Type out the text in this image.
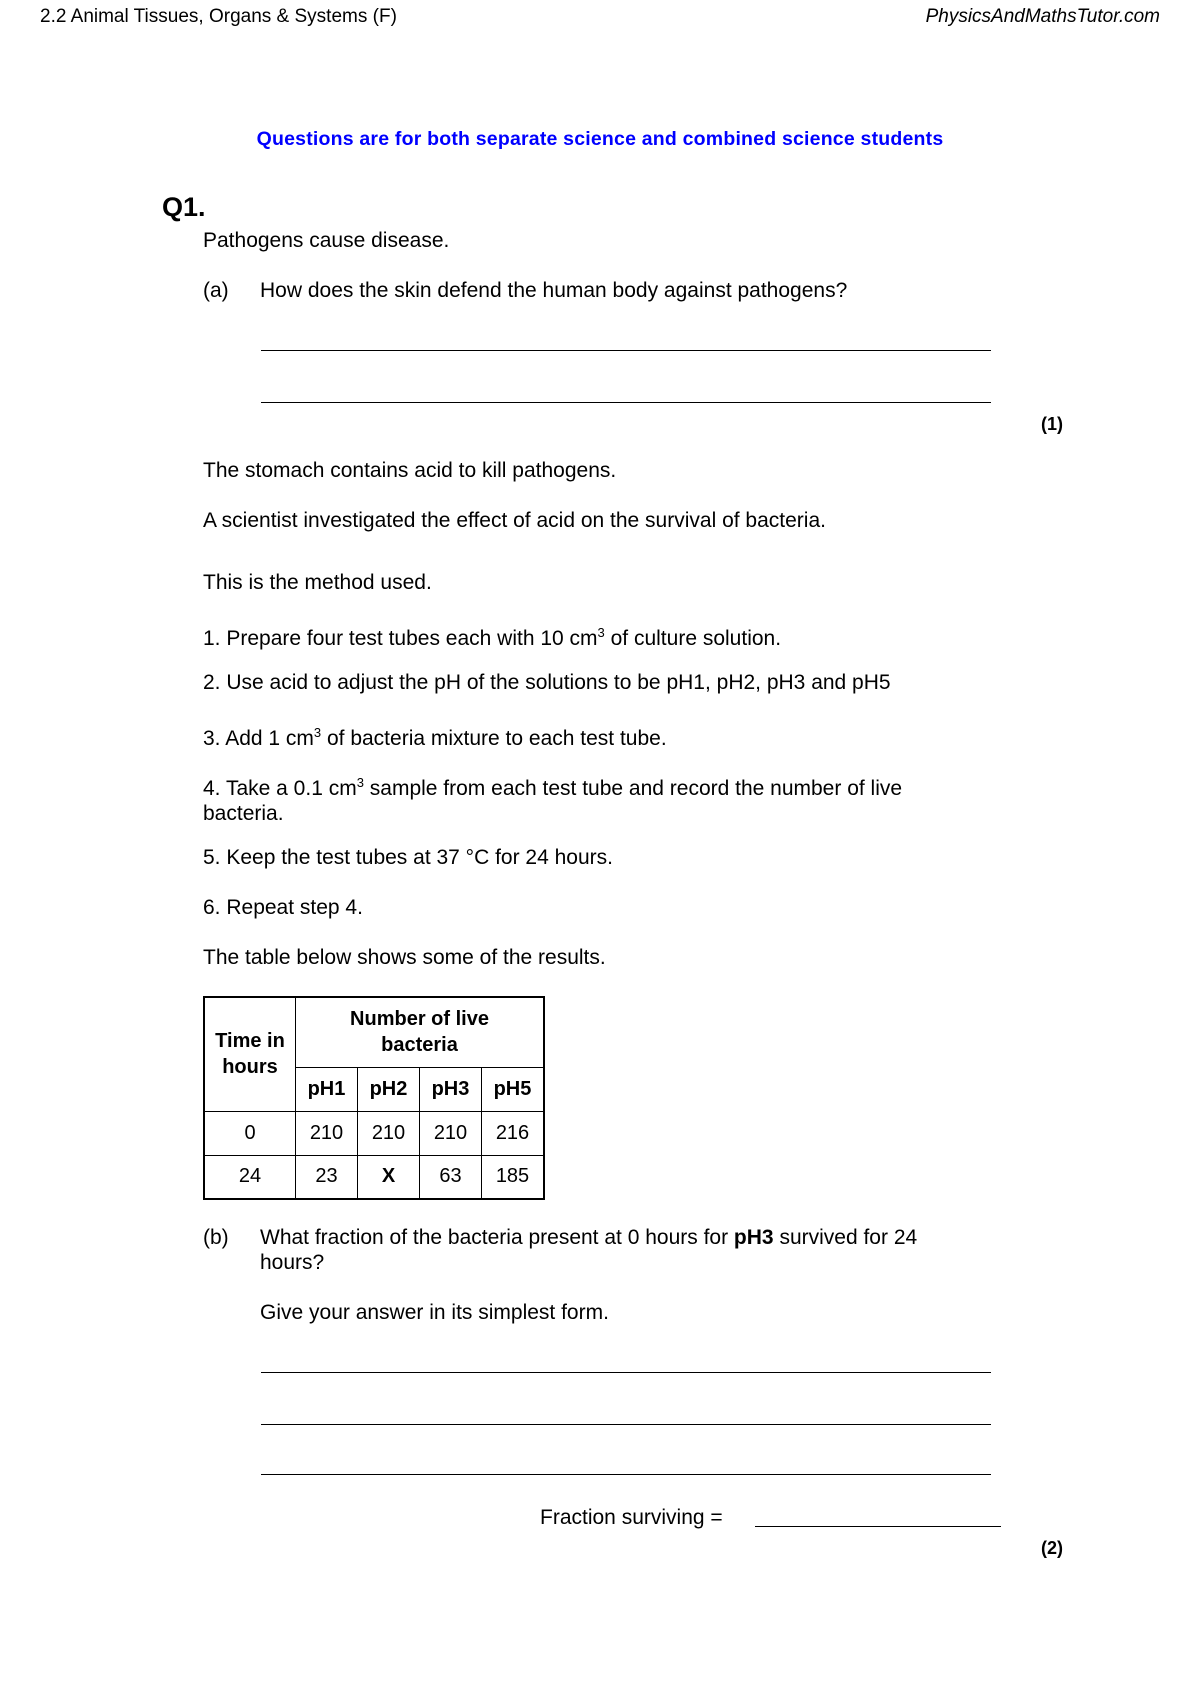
2.2 Animal Tissues, Organs & Systems (F)	PhysicsAndMathsTutor.com
Questions are for both separate science and combined science students
Q1.
Pathogens cause disease.
(a) How does the skin defend the human body against pathogens?
(1)
The stomach contains acid to kill pathogens.
A scientist investigated the effect of acid on the survival of bacteria.
This is the method used.
1. Prepare four test tubes each with 10 $cm^3$ of culture solution.
2. Use acid to adjust the pH of the solutions to be pH1, pH2, pH3 and pH5
3. Add 1 $cm^3$ of bacteria mixture to each test tube.
4. Take a 0.1 $cm^3$ sample from each test tube and record the number of live
bacteria.
5. Keep the test tubes at 37 °C for 24 hours.
6. Repeat step 4.
The table below shows some of the results.
Time in
hours	Number of live
bacteria			
	pH1	pH2	pH3	pH5
0	210	210	210	216
24	23	X	63	185
(b) What fraction of the bacteria present at 0 hours for pH3 survived for 24
hours?
Give your answer in its simplest form.
Fraction surviving =
(2)
